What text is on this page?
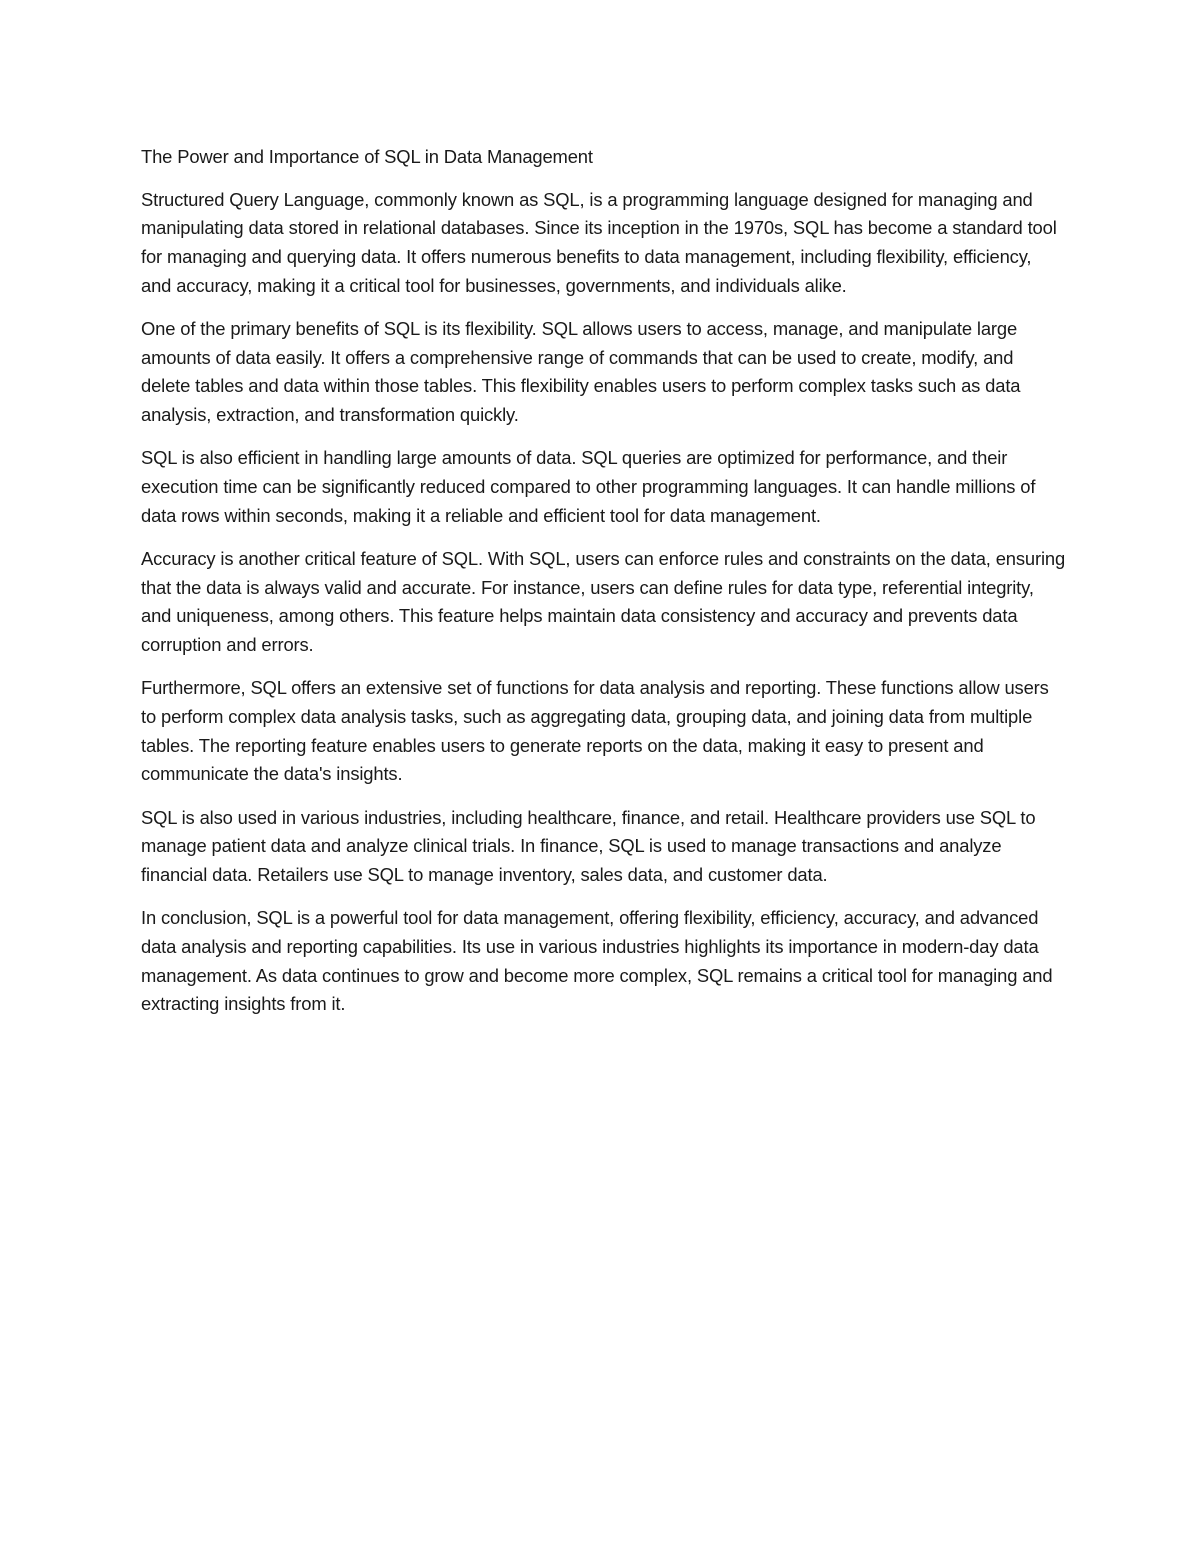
The Power and Importance of SQL in Data Management

Structured Query Language, commonly known as SQL, is a programming language designed for managing and manipulating data stored in relational databases. Since its inception in the 1970s, SQL has become a standard tool for managing and querying data. It offers numerous benefits to data management, including flexibility, efficiency, and accuracy, making it a critical tool for businesses, governments, and individuals alike.

One of the primary benefits of SQL is its flexibility. SQL allows users to access, manage, and manipulate large amounts of data easily. It offers a comprehensive range of commands that can be used to create, modify, and delete tables and data within those tables. This flexibility enables users to perform complex tasks such as data analysis, extraction, and transformation quickly.

SQL is also efficient in handling large amounts of data. SQL queries are optimized for performance, and their execution time can be significantly reduced compared to other programming languages. It can handle millions of data rows within seconds, making it a reliable and efficient tool for data management.

Accuracy is another critical feature of SQL. With SQL, users can enforce rules and constraints on the data, ensuring that the data is always valid and accurate. For instance, users can define rules for data type, referential integrity, and uniqueness, among others. This feature helps maintain data consistency and accuracy and prevents data corruption and errors.

Furthermore, SQL offers an extensive set of functions for data analysis and reporting. These functions allow users to perform complex data analysis tasks, such as aggregating data, grouping data, and joining data from multiple tables. The reporting feature enables users to generate reports on the data, making it easy to present and communicate the data's insights.

SQL is also used in various industries, including healthcare, finance, and retail. Healthcare providers use SQL to manage patient data and analyze clinical trials. In finance, SQL is used to manage transactions and analyze financial data. Retailers use SQL to manage inventory, sales data, and customer data.

In conclusion, SQL is a powerful tool for data management, offering flexibility, efficiency, accuracy, and advanced data analysis and reporting capabilities. Its use in various industries highlights its importance in modern-day data management. As data continues to grow and become more complex, SQL remains a critical tool for managing and extracting insights from it.
